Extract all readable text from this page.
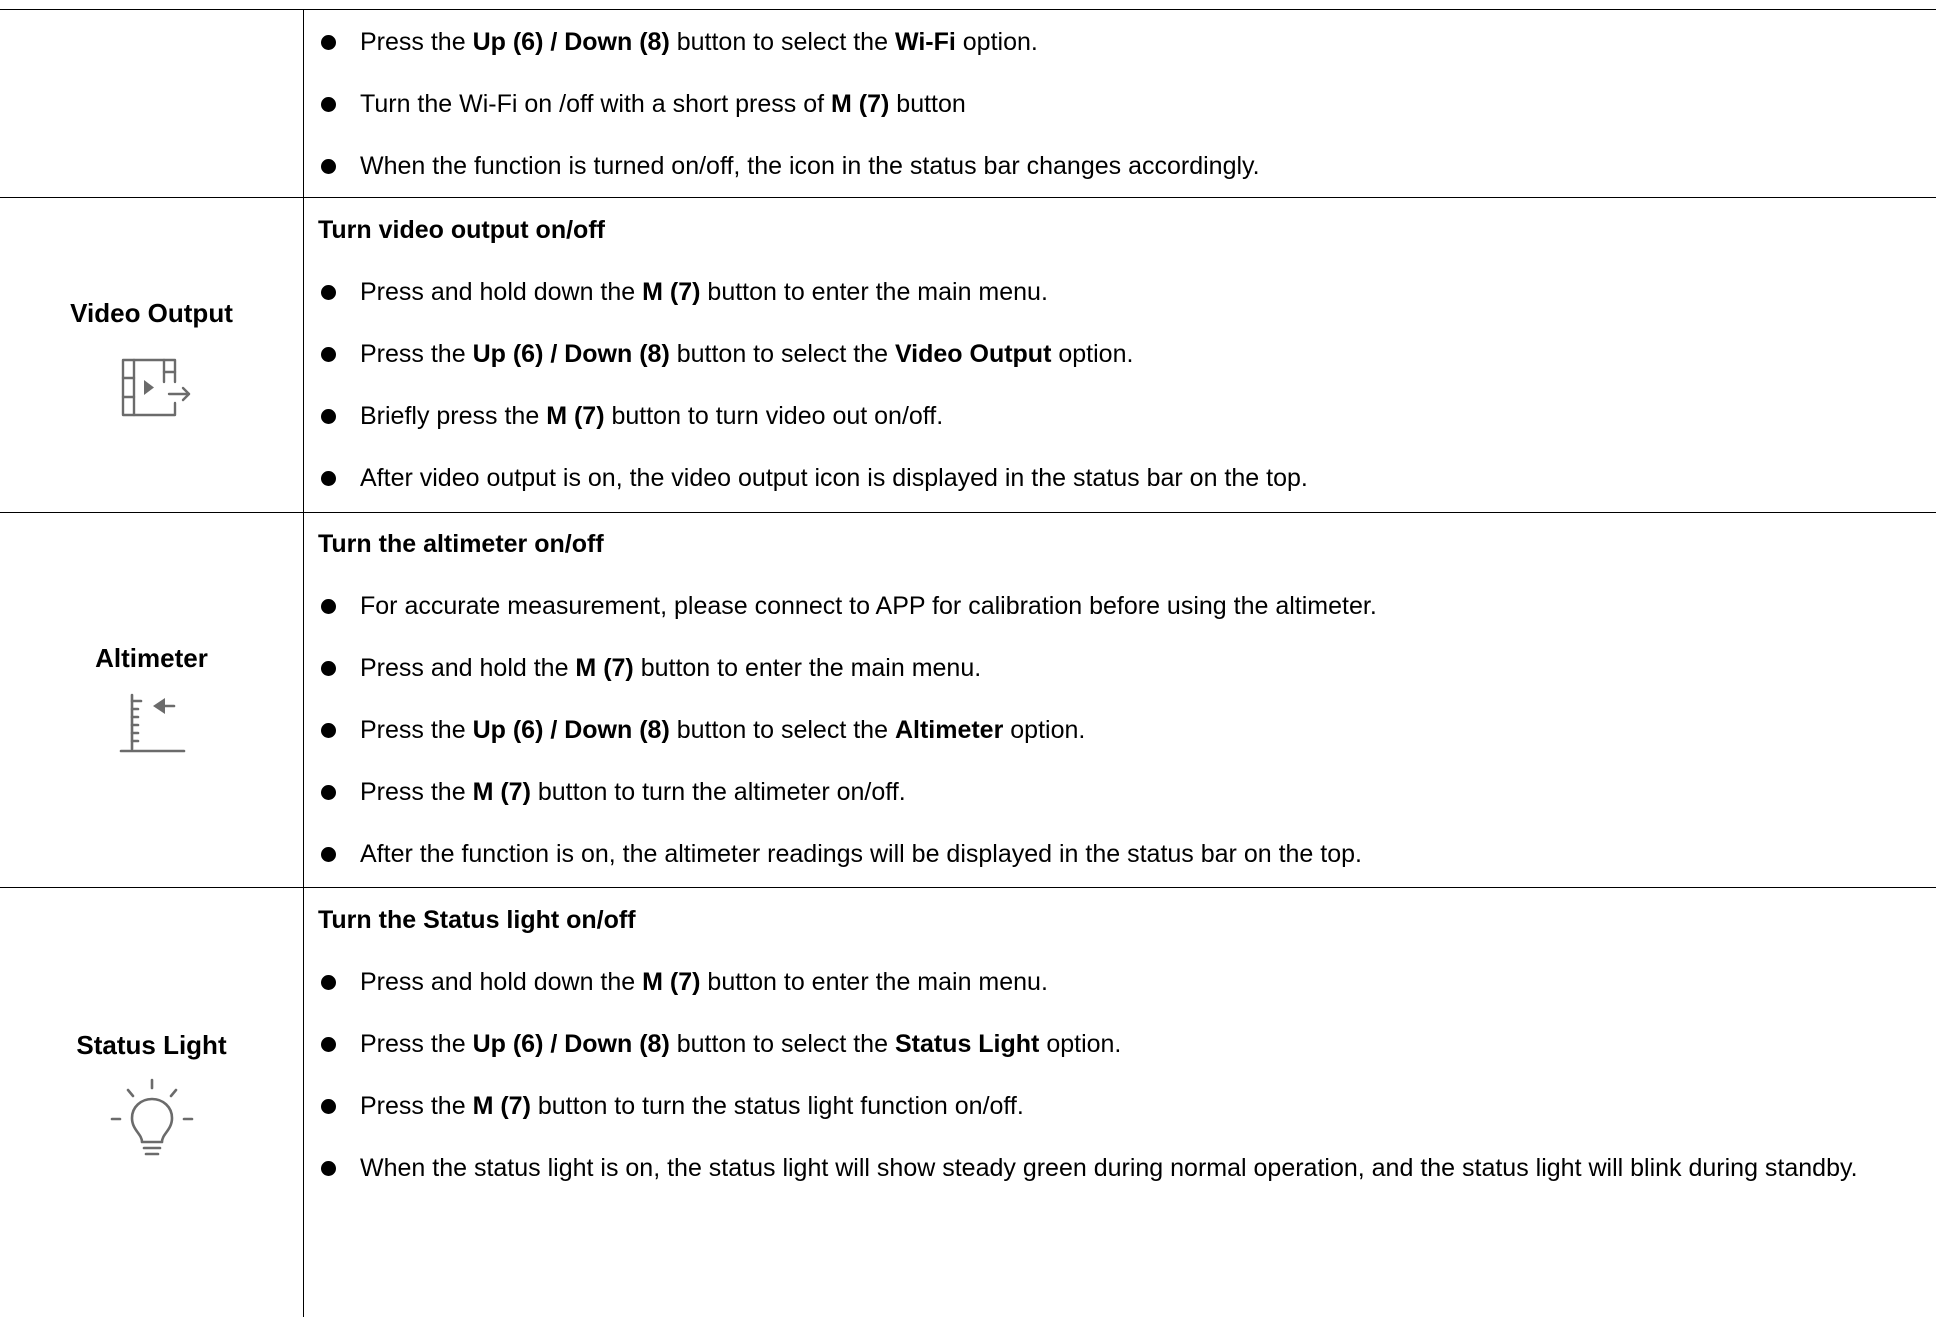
Press the Up (6) / Down (8) button to select the Wi-Fi option.
Turn the Wi-Fi on /off with a short press of M (7) button
When the function is turned on/off, the icon in the status bar changes accordingly.
Video Output
Turn video output on/off
Press and hold down the M (7) button to enter the main menu.
Press the Up (6) / Down (8) button to select the Video Output option.
Briefly press the M (7) button to turn video out on/off.
After video output is on, the video output icon is displayed in the status bar on the top.
Altimeter
Turn the altimeter on/off
For accurate measurement, please connect to APP for calibration before using the altimeter.
Press and hold the M (7) button to enter the main menu.
Press the Up (6) / Down (8) button to select the Altimeter option.
Press the M (7) button to turn the altimeter on/off.
After the function is on, the altimeter readings will be displayed in the status bar on the top.
Status Light
Turn the Status light on/off
Press and hold down the M (7) button to enter the main menu.
Press the Up (6) / Down (8) button to select the Status Light option.
Press the M (7) button to turn the status light function on/off.
When the status light is on, the status light will show steady green during normal operation, and the status light will blink during standby.
